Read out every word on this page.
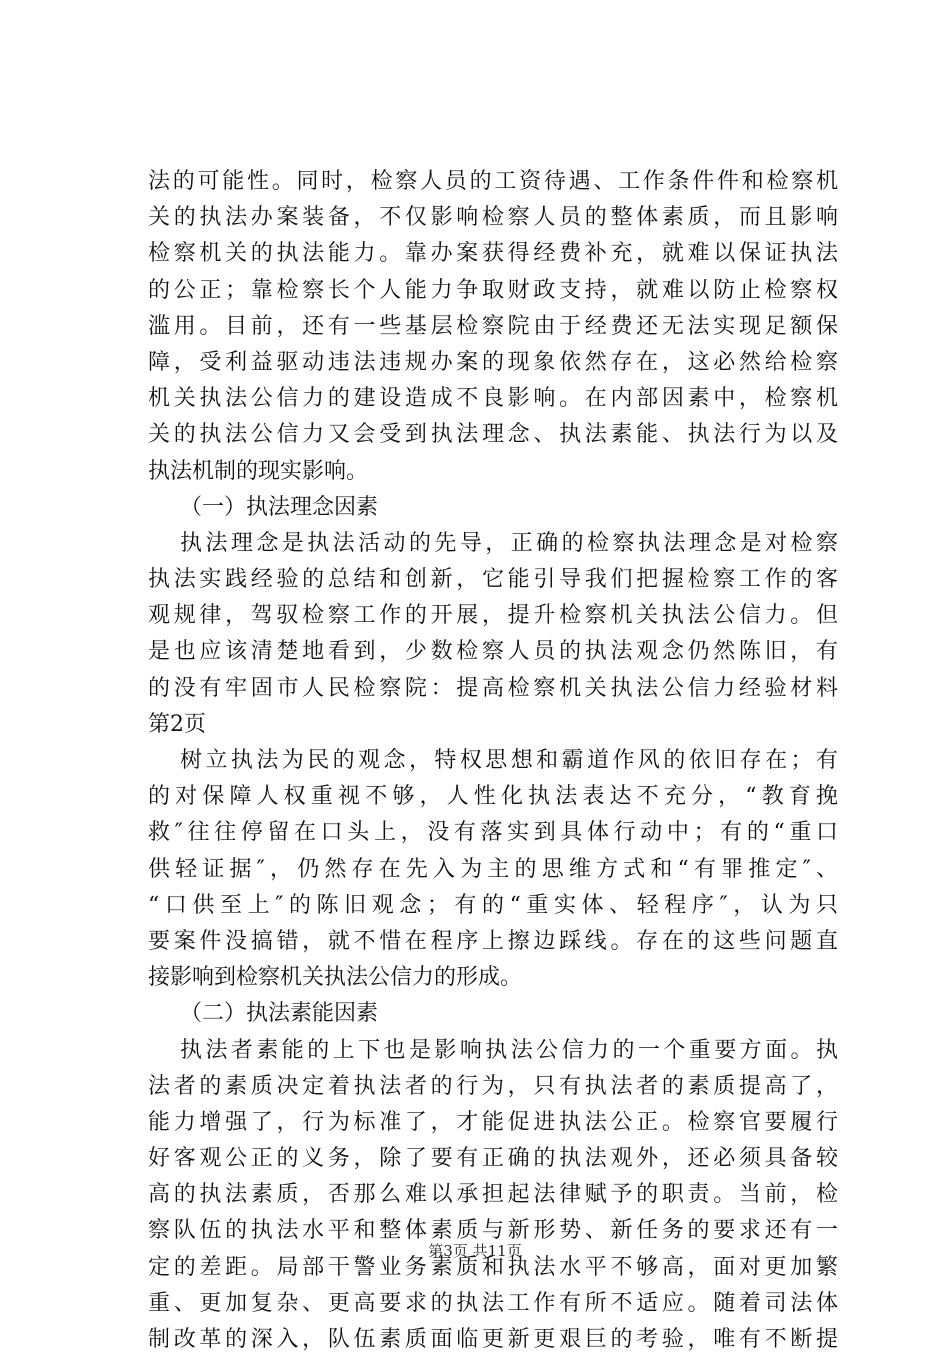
法的可能性。同时，检察人员的工资待遇、工作条件件和检察机
关的执法办案装备，不仅影响检察人员的整体素质，而且影响
检察机关的执法能力。靠办案获得经费补充，就难以保证执法
的公正；靠检察长个人能力争取财政支持，就难以防止检察权
滥用。目前，还有一些基层检察院由于经费还无法实现足额保
障，受利益驱动违法违规办案的现象依然存在，这必然给检察
机关执法公信力的建设造成不良影响。在内部因素中，检察机
关的执法公信力又会受到执法理念、执法素能、执法行为以及
执法机制的现实影响。
（一）执法理念因素
执法理念是执法活动的先导，正确的检察执法理念是对检察
执法实践经验的总结和创新，它能引导我们把握检察工作的客
观规律，驾驭检察工作的开展，提升检察机关执法公信力。但
是也应该清楚地看到，少数检察人员的执法观念仍然陈旧，有
的没有牢固市人民检察院：提高检察机关执法公信力经验材料
第2页
树立执法为民的观念，特权思想和霸道作风的依旧存在；有
的对保障人权重视不够，人性化执法表达不充分，“教育挽
救″往往停留在口头上，没有落实到具体行动中；有的“重口
供轻证据″，仍然存在先入为主的思维方式和“有罪推定″、
“口供至上″的陈旧观念；有的“重实体、轻程序″，认为只
要案件没搞错，就不惜在程序上擦边踩线。存在的这些问题直
接影响到检察机关执法公信力的形成。
（二）执法素能因素
执法者素能的上下也是影响执法公信力的一个重要方面。执
法者的素质决定着执法者的行为，只有执法者的素质提高了，
能力增强了，行为标准了，才能促进执法公正。检察官要履行
好客观公正的义务，除了要有正确的执法观外，还必须具备较
高的执法素质，否那么难以承担起法律赋予的职责。当前，检
察队伍的执法水平和整体素质与新形势、新任务的要求还有一
定的差距。局部干警业务素质和执法水平不够高，面对更加繁
重、更加复杂、更高要求的执法工作有所不适应。随着司法体
制改革的深入，队伍素质面临更新更艰巨的考验，唯有不断提
第3页 共11页
